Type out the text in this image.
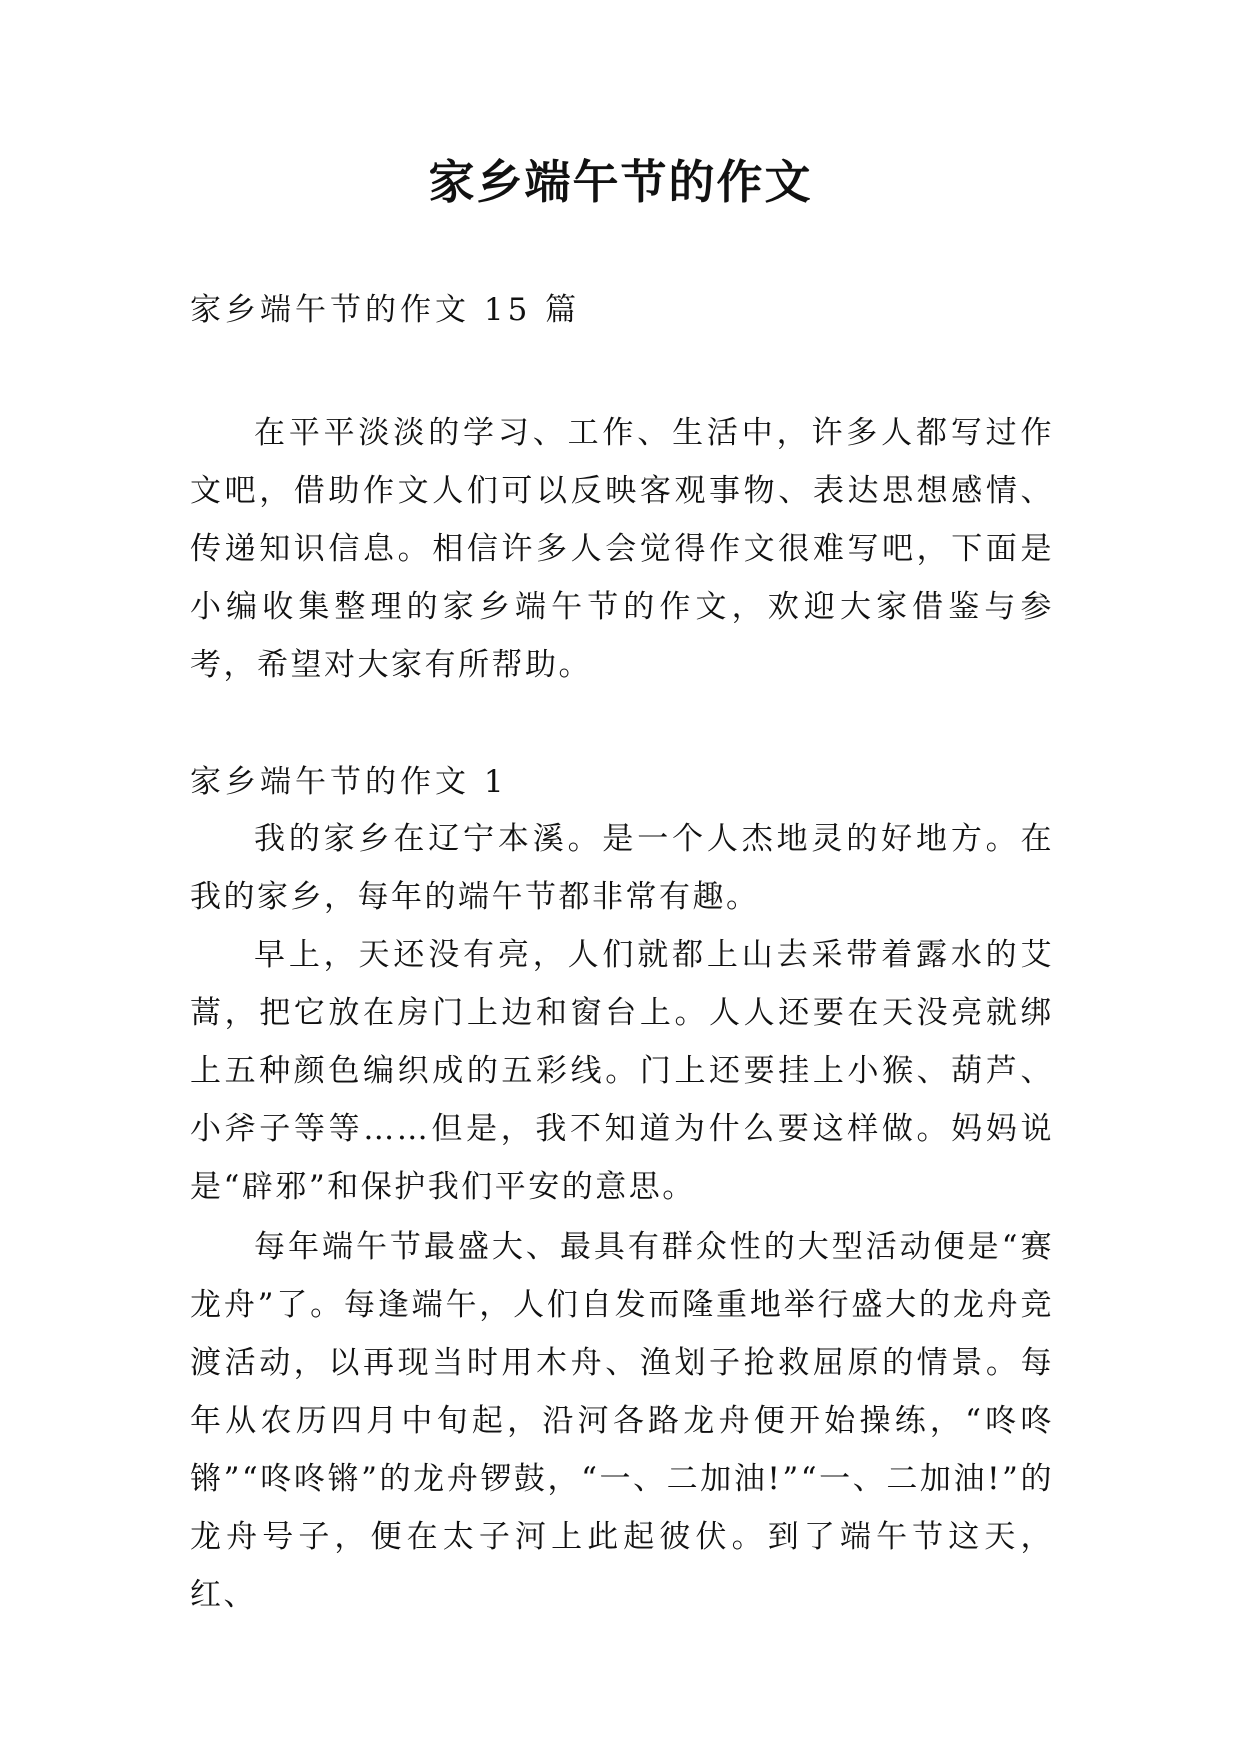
家乡端午节的作文

家乡端午节的作文 15 篇

在平平淡淡的学习、工作、生活中，许多人都写过作文吧，借助作文人们可以反映客观事物、表达思想感情、传递知识信息。相信许多人会觉得作文很难写吧，下面是小编收集整理的家乡端午节的作文，欢迎大家借鉴与参考，希望对大家有所帮助。

家乡端午节的作文 1

我的家乡在辽宁本溪。是一个人杰地灵的好地方。在我的家乡，每年的端午节都非常有趣。

早上，天还没有亮，人们就都上山去采带着露水的艾蒿，把它放在房门上边和窗台上。人人还要在天没亮就绑上五种颜色编织成的五彩线。门上还要挂上小猴、葫芦、小斧子等等……但是，我不知道为什么要这样做。妈妈说是“辟邪”和保护我们平安的意思。

每年端午节最盛大、最具有群众性的大型活动便是“赛龙舟”了。每逢端午，人们自发而隆重地举行盛大的龙舟竞渡活动，以再现当时用木舟、渔划子抢救屈原的情景。每年从农历四月中旬起，沿河各路龙舟便开始操练，“咚咚锵”“咚咚锵”的龙舟锣鼓，“一、二加油!”“一、二加油!”的龙舟号子，便在太子河上此起彼伏。到了端午节这天，红、
